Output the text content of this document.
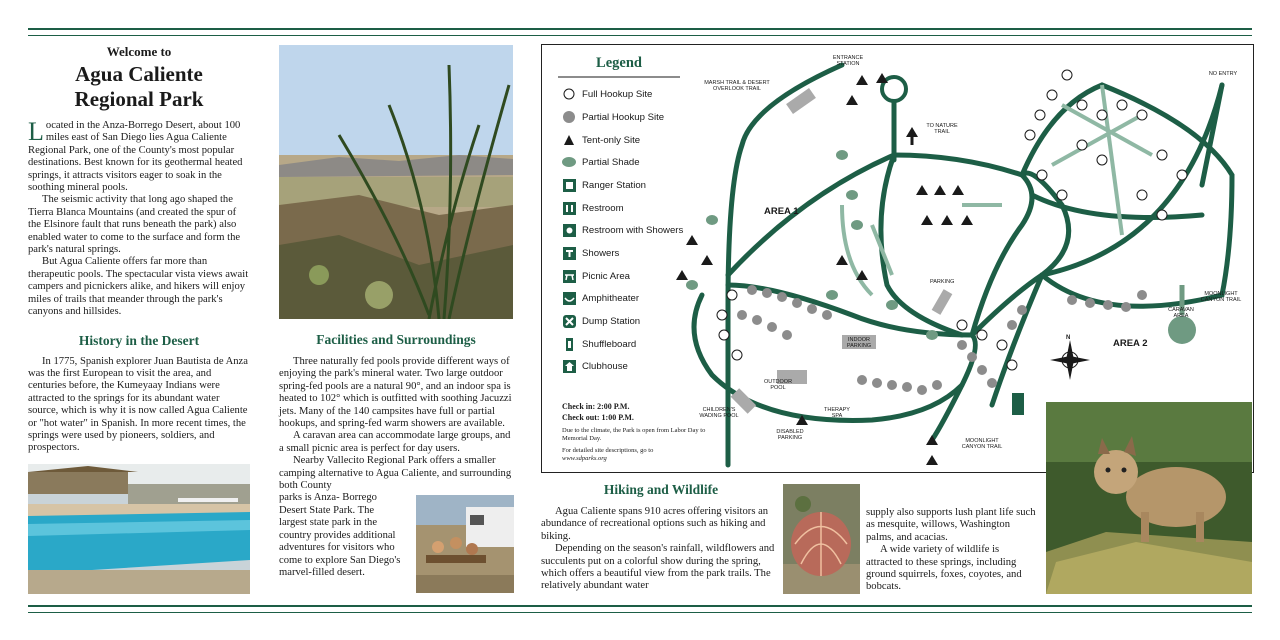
Welcome to
Agua Caliente
Regional Park

Located in the Anza-Borrego Desert, about 100 miles east of San Diego lies Agua Caliente Regional Park, one of the County's most popular destinations. Best known for its geothermal heated springs, it attracts visitors eager to soak in the soothing mineral pools.

The seismic activity that long ago shaped the Tierra Blanca Mountains (and created the spur of the Elsinore fault that runs beneath the park) also enabled water to come to the surface and form the park's natural springs.

But Agua Caliente offers far more than therapeutic pools. The spectacular vista views await campers and picnickers alike, and hikers will enjoy miles of trails that meander through the park's canyons and hillsides.

History in the Desert

In 1775, Spanish explorer Juan Bautista de Anza was the first European to visit the area, and centuries before, the Kumeyaay Indians were attracted to the springs for its abundant water source, which is why it is now called Agua Caliente or "hot water" in Spanish. In more recent times, the springs were used by pioneers, soldiers, and prospectors.

Facilities and Surroundings

Three naturally fed pools provide different ways of enjoying the park's mineral water. Two large outdoor spring-fed pools are a natural 90°, and an indoor spa is heated to 102° which is outfitted with soothing Jacuzzi jets. Many of the 140 campsites have full or partial hookups, and spring-fed warm showers are available.

A caravan area can accommodate large groups, and a small picnic area is perfect for day users.

Nearby Vallecito Regional Park offers a smaller camping alternative to Agua Caliente, and surrounding both County

parks is Anza- Borrego Desert State Park. The largest state park in the country provides additional adventures for visitors who come to explore San Diego's marvel-filled desert.

ENTRANCE STATION
MARSH TRAIL & DESERT OVERLOOK TRAIL
TO NATURE TRAIL
AREA 1
AREA 2
PARKING
INDOOR PARKING
OUTDOOR POOL
CHILDREN'S WADING POOL
THERAPY SPA
DISABLED PARKING	MOONLIGHT CANYON TRAIL
MOONLIGHT CANYON TRAIL
CARAVAN AREA
NO ENTRY
N
Legend
Full Hookup Site
Partial Hookup Site
Tent-only Site
Partial Shade
Ranger Station
Restroom
Restroom with Showers
Showers
Picnic Area
Amphitheater
Dump Station
Shuffleboard
Clubhouse
Check in: 2:00 P.M.
Check out: 1:00 P.M.
Due to the climate, the Park is open from Labor Day to Memorial Day.
For detailed site descriptions, go to
www.sdparks.org
Hiking and Wildlife

Agua Caliente spans 910 acres offering visitors an abundance of recreational options such as hiking and biking.

Depending on the season's rainfall, wildflowers and succulents put on a colorful show during the spring, which offers a beautiful view from the park trails. The relatively abundant water

supply also supports lush plant life such as mesquite, willows, Washington palms, and acacias.

A wide variety of wildlife is attracted to these springs, including ground squirrels, foxes, coyotes, and bobcats.
